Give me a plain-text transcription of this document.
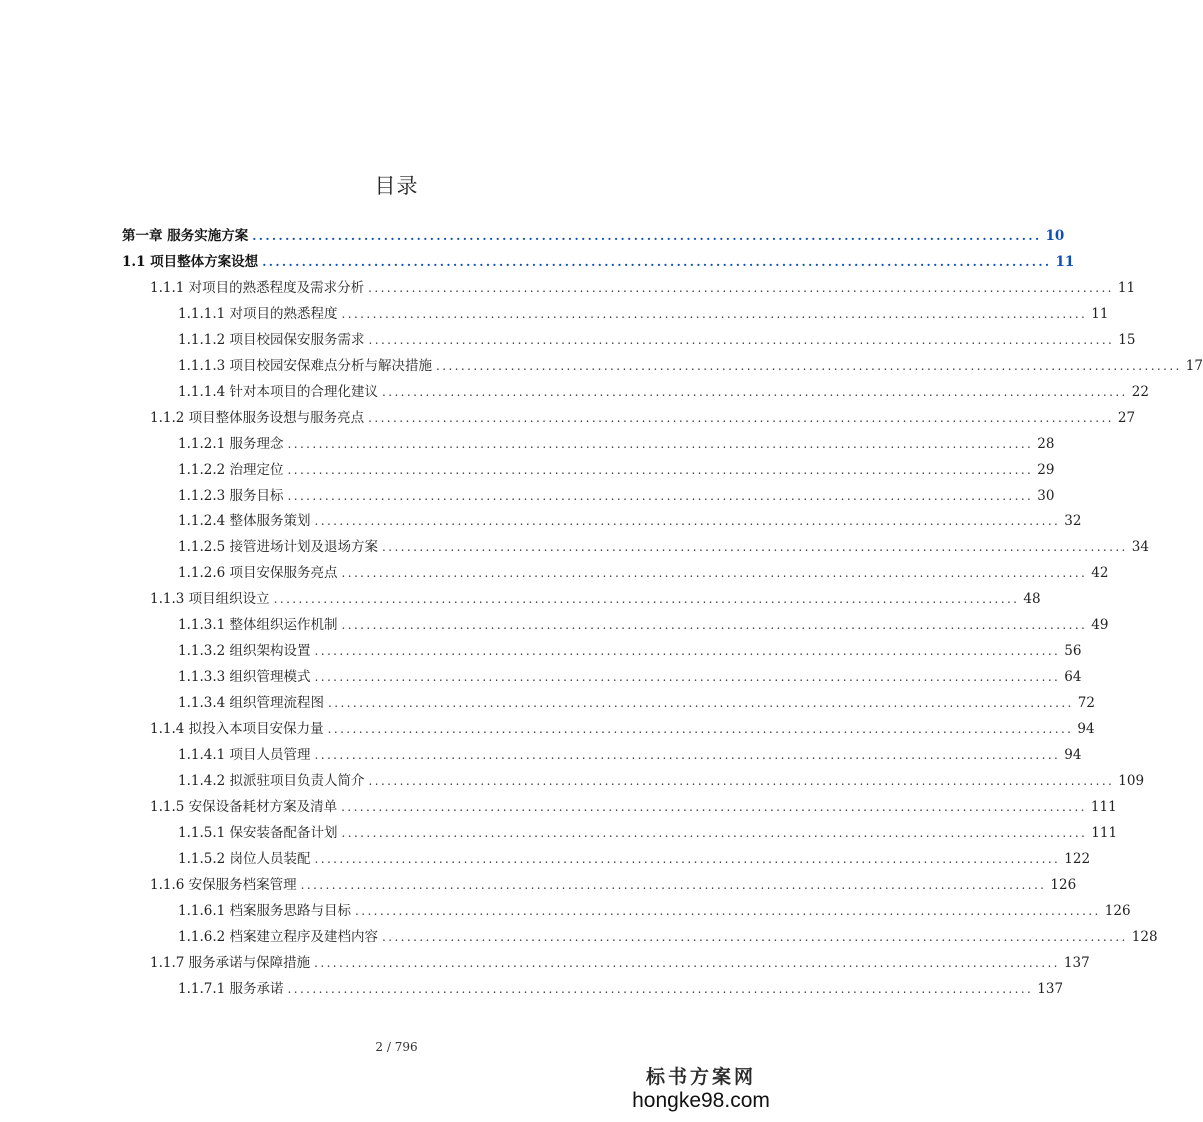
目录
第一章 服务实施方案 ........................................................................................................................ 10
1.1 项目整体方案设想 ........................................................................................................................ 11
1.1.1 对项目的熟悉程度及需求分析 ........................................................................................................................ 11
1.1.1.1 对项目的熟悉程度 ........................................................................................................................ 11
1.1.1.2 项目校园保安服务需求 ........................................................................................................................ 15
1.1.1.3 项目校园安保难点分析与解决措施 ........................................................................................................................ 17
1.1.1.4 针对本项目的合理化建议 ........................................................................................................................ 22
1.1.2 项目整体服务设想与服务亮点 ........................................................................................................................ 27
1.1.2.1 服务理念 ........................................................................................................................ 28
1.1.2.2 治理定位 ........................................................................................................................ 29
1.1.2.3 服务目标 ........................................................................................................................ 30
1.1.2.4 整体服务策划 ........................................................................................................................ 32
1.1.2.5 接管进场计划及退场方案 ........................................................................................................................ 34
1.1.2.6 项目安保服务亮点 ........................................................................................................................ 42
1.1.3 项目组织设立 ........................................................................................................................ 48
1.1.3.1 整体组织运作机制 ........................................................................................................................ 49
1.1.3.2 组织架构设置 ........................................................................................................................ 56
1.1.3.3 组织管理模式 ........................................................................................................................ 64
1.1.3.4 组织管理流程图 ........................................................................................................................ 72
1.1.4 拟投入本项目安保力量 ........................................................................................................................ 94
1.1.4.1 项目人员管理 ........................................................................................................................ 94
1.1.4.2 拟派驻项目负责人简介 ........................................................................................................................ 109
1.1.5 安保设备耗材方案及清单 ........................................................................................................................ 111
1.1.5.1 保安装备配备计划 ........................................................................................................................ 111
1.1.5.2 岗位人员装配 ........................................................................................................................ 122
1.1.6 安保服务档案管理 ........................................................................................................................ 126
1.1.6.1 档案服务思路与目标 ........................................................................................................................ 126
1.1.6.2 档案建立程序及建档内容 ........................................................................................................................ 128
1.1.7 服务承诺与保障措施 ........................................................................................................................ 137
1.1.7.1 服务承诺 ........................................................................................................................ 137
2 / 796
标书方案网
hongke98.com
